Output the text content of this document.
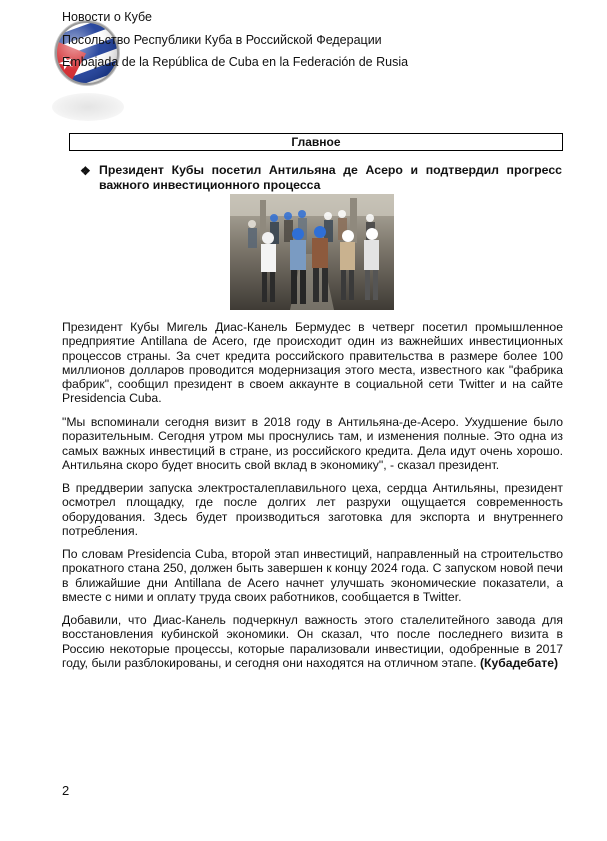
Новости о Кубе
Посольство Республики Куба в Российской Федерации
Embajada de la República de Cuba en la Federación de Rusia
Главное
❖ Президент Кубы посетил Антильяна де Асеро и подтвердил прогресс важного инвестиционного процесса
Президент Кубы Мигель Диас-Канель Бермудес в четверг посетил промышленное предприятие Antillana de Acero, где происходит один из важнейших инвестиционных процессов страны. За счет кредита российского правительства в размере более 100 миллионов долларов проводится модернизация этого места, известного как "фабрика фабрик", сообщил президент в своем аккаунте в социальной сети Twitter и на сайте Presidencia Cuba.
"Мы вспоминали сегодня визит в 2018 году в Антильяна-де-Асеро. Ухудшение было поразительным. Сегодня утром мы проснулись там, и изменения полные. Это одна из самых важных инвестиций в стране, из российского кредита. Дела идут очень хорошо. Антильяна скоро будет вносить свой вклад в экономику", - сказал президент.
В преддверии запуска электросталеплавильного цеха, сердца Антильяны, президент осмотрел площадку, где после долгих лет разрухи ощущается современность оборудования. Здесь будет производиться заготовка для экспорта и внутреннего потребления.
По словам Presidencia Cuba, второй этап инвестиций, направленный на строительство прокатного стана 250, должен быть завершен к концу 2024 года. С запуском новой печи в ближайшие дни Antillana de Acero начнет улучшать экономические показатели, а вместе с ними и оплату труда своих работников, сообщается в Twitter.
Добавили, что Диас-Канель подчеркнул важность этого сталелитейного завода для восстановления кубинской экономики. Он сказал, что после последнего визита в Россию некоторые процессы, которые парализовали инвестиции, одобренные в 2017 году, были разблокированы, и сегодня они находятся на отличном этапе. (Кубадебате)
2
